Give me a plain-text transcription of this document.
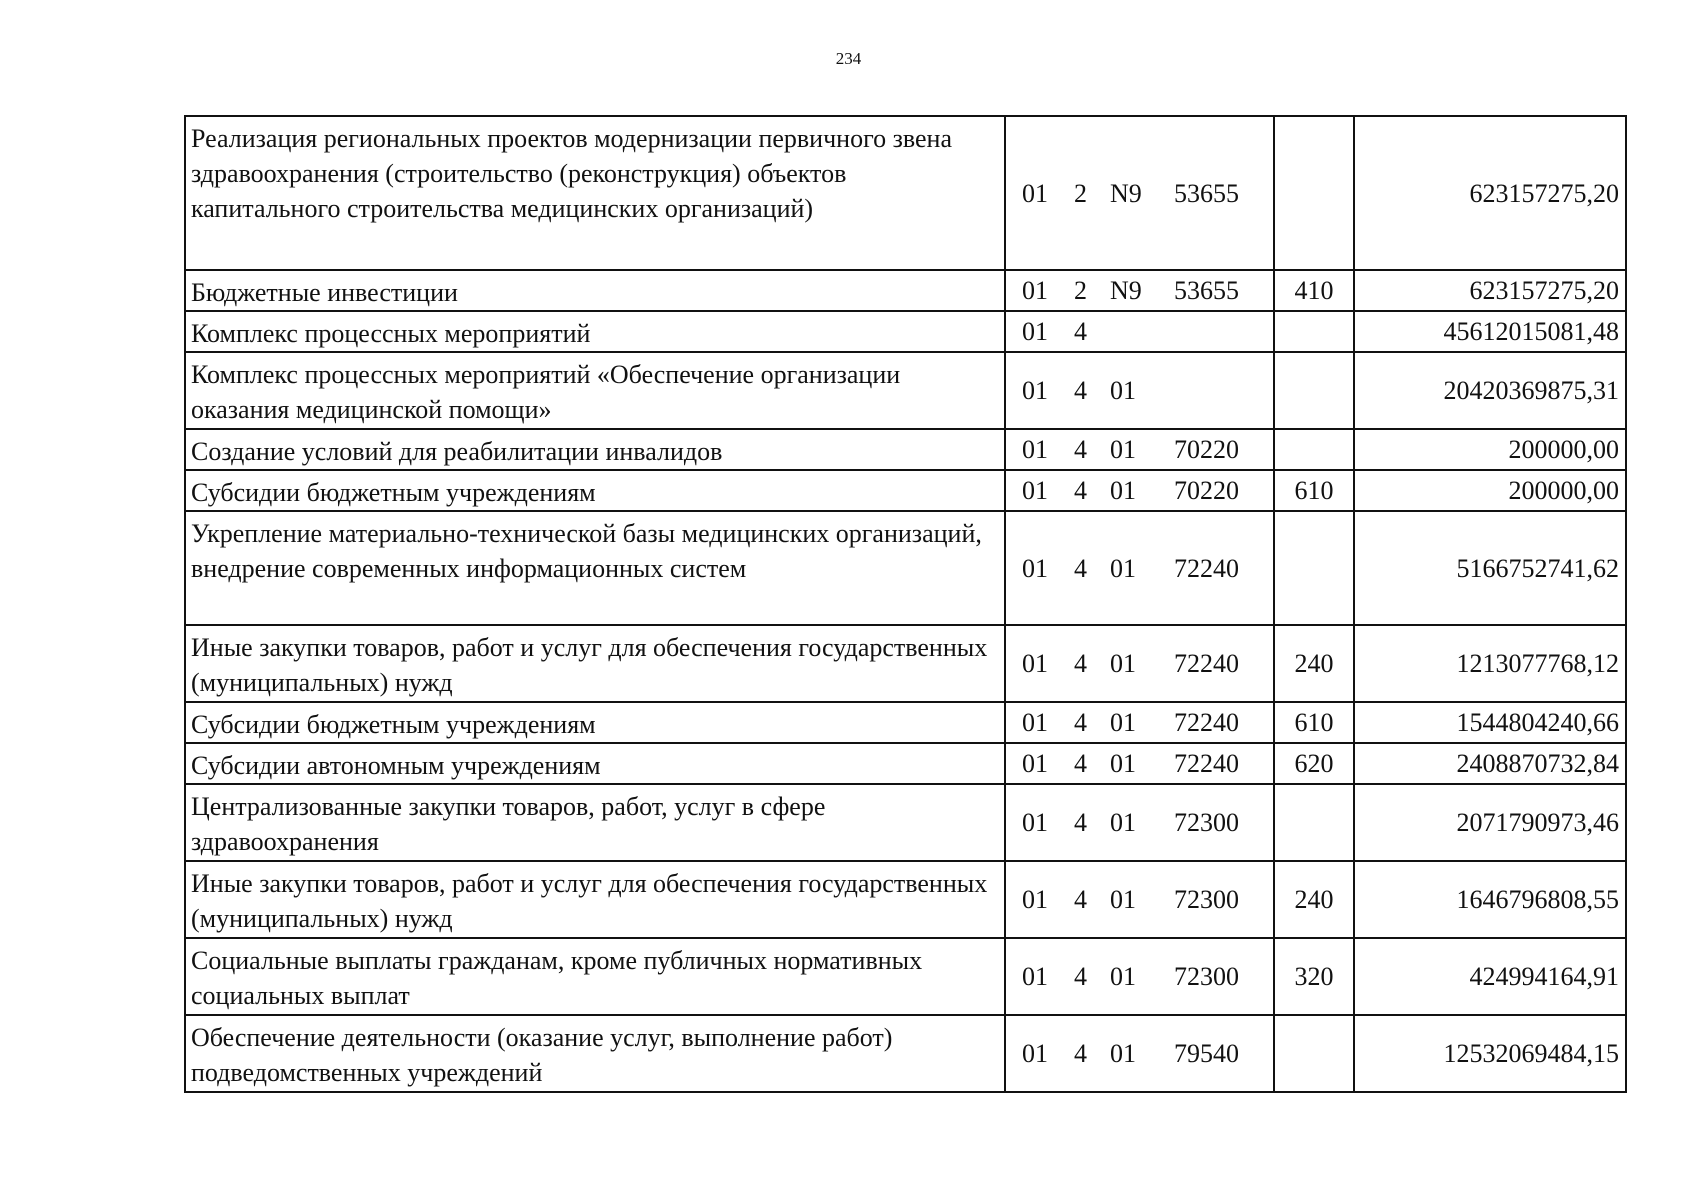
234
Реализация региональных проектов модернизации первичного звена здравоохранения (строительство (реконструкция) объектов капитального строительства медицинских организаций)	01 2 N9 53655		623157275,20
Бюджетные инвестиции	01 2 N9 53655	410	623157275,20
Комплекс процессных мероприятий	01 4		45612015081,48
Комплекс процессных мероприятий «Обеспечение организации оказания медицинской помощи»	01 4 01		20420369875,31
Создание условий для реабилитации инвалидов	01 4 01 70220		200000,00
Субсидии бюджетным учреждениям	01 4 01 70220	610	200000,00
Укрепление материально-технической базы медицинских организаций, внедрение современных информационных систем	01 4 01 72240		5166752741,62
Иные закупки товаров, работ и услуг для обеспечения государственных (муниципальных) нужд	01 4 01 72240	240	1213077768,12
Субсидии бюджетным учреждениям	01 4 01 72240	610	1544804240,66
Субсидии автономным учреждениям	01 4 01 72240	620	2408870732,84
Централизованные закупки товаров, работ, услуг в сфере здравоохранения	01 4 01 72300		2071790973,46
Иные закупки товаров, работ и услуг для обеспечения государственных (муниципальных) нужд	01 4 01 72300	240	1646796808,55
Социальные выплаты гражданам, кроме публичных нормативных социальных выплат	01 4 01 72300	320	424994164,91
Обеспечение деятельности (оказание услуг, выполнение работ) подведомственных учреждений	01 4 01 79540		12532069484,15
